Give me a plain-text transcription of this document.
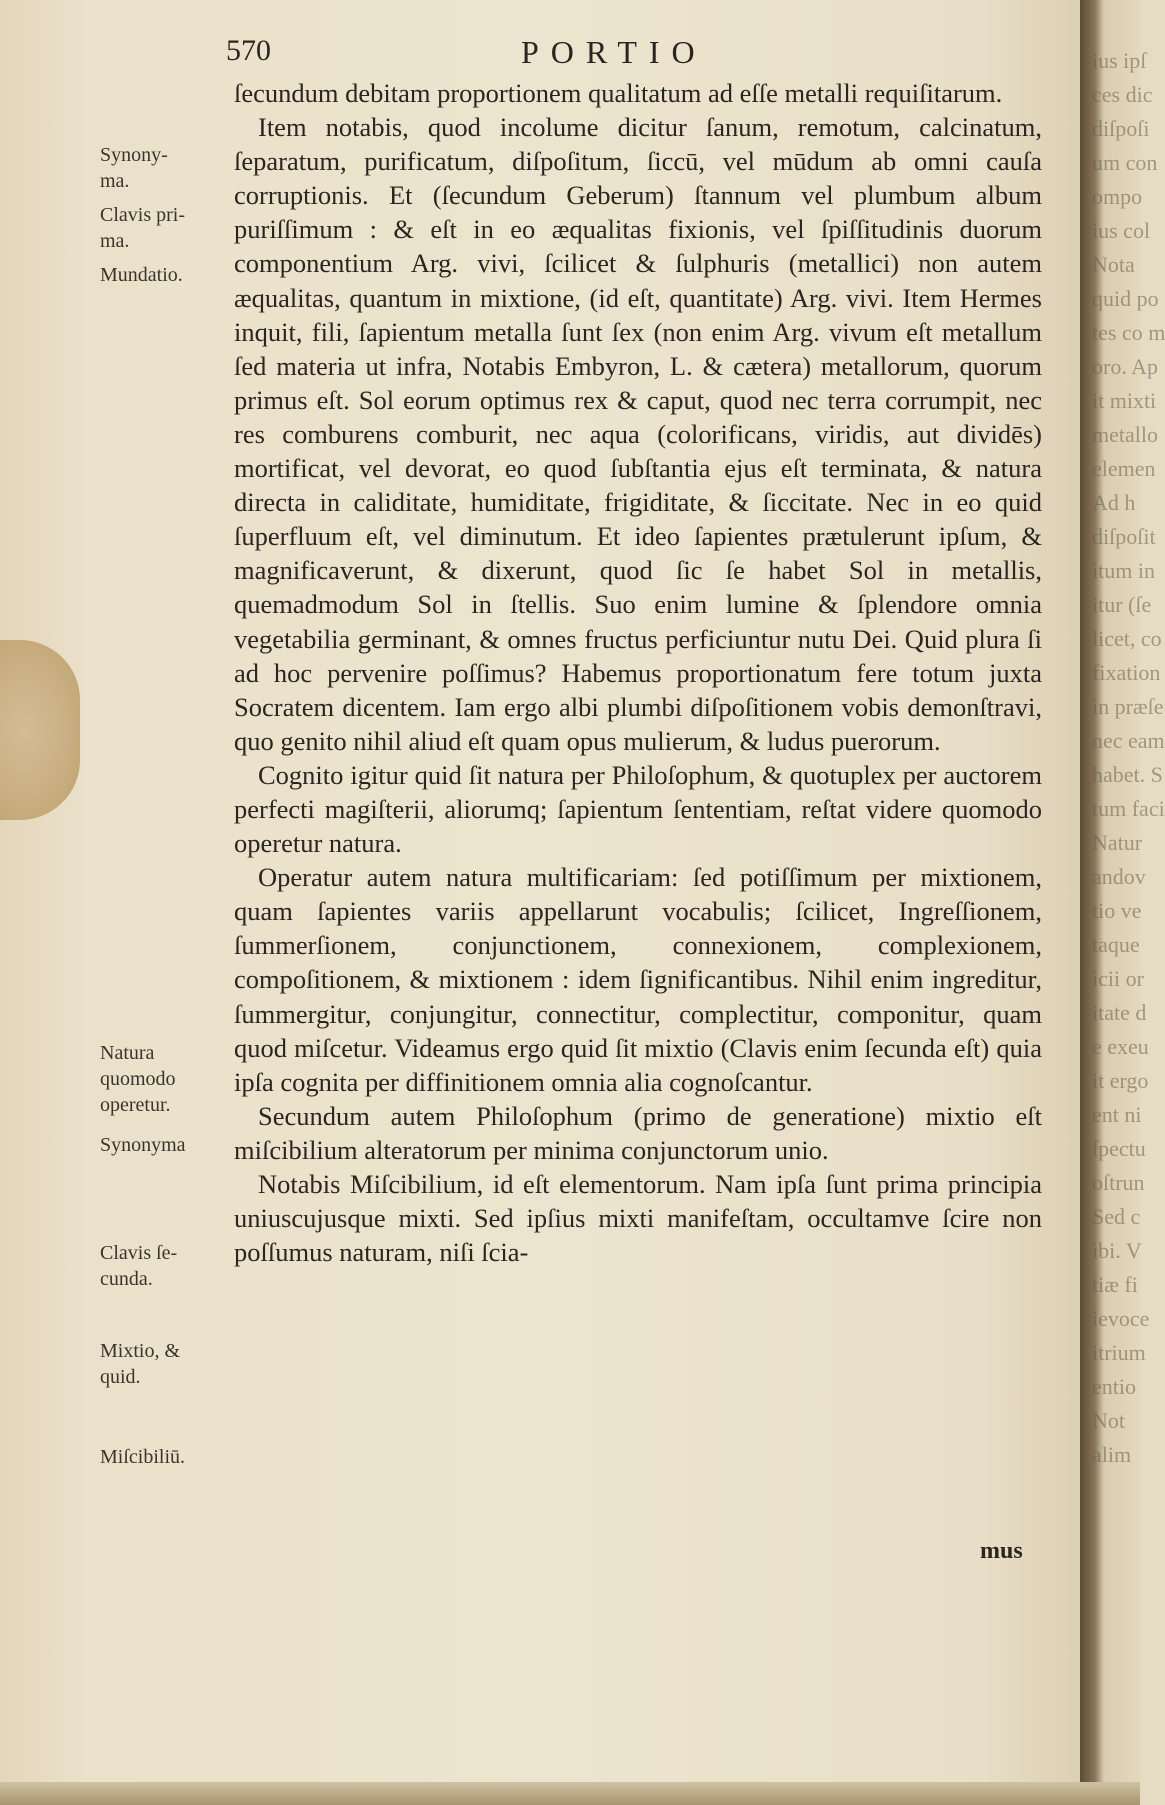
ius ipſ
ces dic
diſpoſi
um con
ompo
ius col
Nota
quid po
tes co m
oro. Ap
it mixti
metallo
elemen
Ad h
diſpoſit
itum in
itur (ſe
licet, co
fixation
in præſe
nec eam
habet. S
tum faci
Natur
andov
tio ve
taque
icii or
itate d
e exeu
it ergo
ent ni
ſpectu
oſtrun
Sed c
ibi. V
tiæ fi
ievoce
itrium
entio
Not
alim
570	PORTIO

ſecundum debitam proportionem qualitatum ad eſſe metalli requiſitarum.

Item notabis, quod incolume dicitur ſanum, remotum, calcinatum, ſeparatum, purificatum, diſpoſitum, ſiccū, vel mūdum ab omni cauſa corruptionis. Et (ſecundum Geberum) ſtannum vel plumbum album puriſſimum : & eſt in eo æqualitas fixionis, vel ſpiſſitudinis duorum componentium Arg. vivi, ſcilicet & ſulphuris (metallici) non autem æqualitas, quantum in mixtione, (id eſt, quantitate) Arg. vivi. Item Hermes inquit, fili, ſapientum metalla ſunt ſex (non enim Arg. vivum eſt metallum ſed materia ut infra, Notabis Embyron, L. & cætera) metallorum, quorum primus eſt. Sol eorum optimus rex & caput, quod nec terra corrumpit, nec res comburens comburit, nec aqua (colorificans, viridis, aut dividēs) mortificat, vel devorat, eo quod ſubſtantia ejus eſt terminata, & natura directa in caliditate, humiditate, frigiditate, & ſiccitate. Nec in eo quid ſuperfluum eſt, vel diminutum. Et ideo ſapientes prætulerunt ipſum, & magnificaverunt, & dixerunt, quod ſic ſe habet Sol in metallis, quemadmodum Sol in ſtellis. Suo enim lumine & ſplendore omnia vegetabilia germinant, & omnes fructus perficiuntur nutu Dei. Quid plura ſi ad hoc pervenire poſſimus? Habemus proportionatum fere totum juxta Socratem dicentem. Iam ergo albi plumbi diſpoſitionem vobis demonſtravi, quo genito nihil aliud eſt quam opus mulierum, & ludus puerorum.

Cognito igitur quid ſit natura per Philoſophum, & quotuplex per auctorem perfecti magiſterii, aliorumq; ſapientum ſententiam, reſtat videre quomodo operetur natura.

Operatur autem natura multificariam: ſed potiſſimum per mixtionem, quam ſapientes variis appellarunt vocabulis; ſcilicet, Ingreſſionem, ſummerſionem, conjunctionem, connexionem, complexionem, compoſitionem, & mixtionem : idem ſignificantibus. Nihil enim ingreditur, ſummergitur, conjungitur, connectitur, complectitur, componitur, quam quod miſcetur. Videamus ergo quid ſit mixtio (Clavis enim ſecunda eſt) quia ipſa cognita per diffinitionem omnia alia cognoſcantur.

Secundum autem Philoſophum (primo de generatione) mixtio eſt miſcibilium alteratorum per minima conjunctorum unio.

Notabis Miſcibilium, id eſt elementorum. Nam ipſa ſunt prima principia uniuscujusque mixti. Sed ipſius mixti manifeſtam, occultamve ſcire non poſſumus naturam, niſi ſcia-

Synony-
ma.
Clavis pri-
ma.
Mundatio.
Natura
quomodo
operetur.
Synonyma
Clavis ſe-
cunda.
Mixtio, &
quid.
Miſcibiliū.
mus
